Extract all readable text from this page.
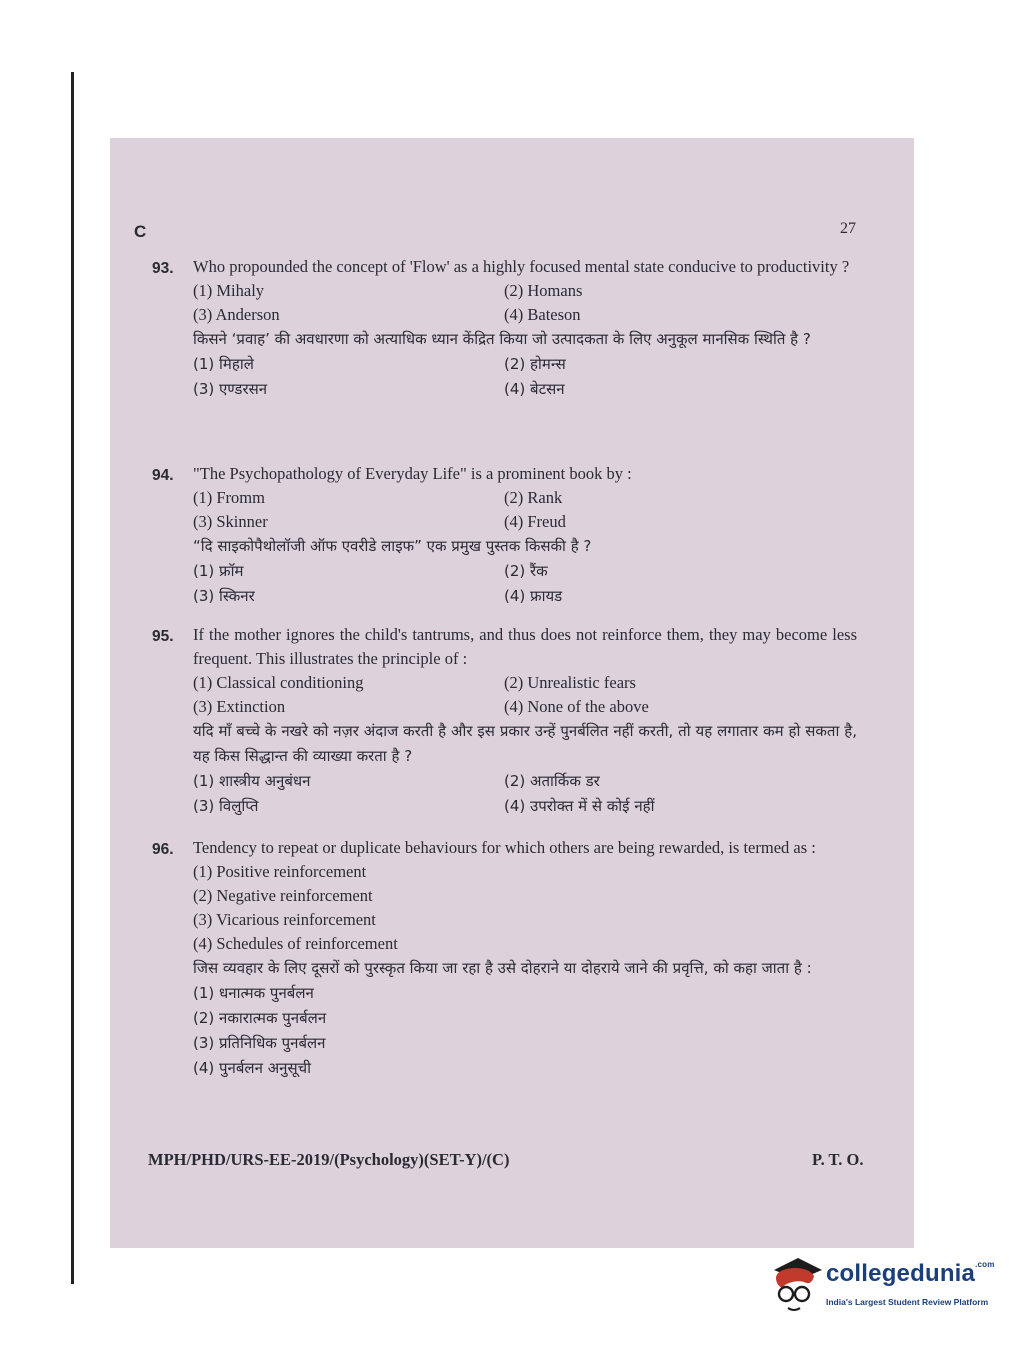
C	27
93. Who propounded the concept of 'Flow' as a highly focused mental state conducive to productivity ?
(1) Mihaly	(2) Homans
(3) Anderson	(4) Bateson
किसने ‘प्रवाह’ की अवधारणा को अत्याधिक ध्यान केंद्रित किया जो उत्पादकता के लिए अनुकूल मानसिक स्थिति है ?
(1) मिहाले	(2) होमन्स
(3) एण्डरसन	(4) बेटसन
94. "The Psychopathology of Everyday Life" is a prominent book by :
(1) Fromm	(2) Rank
(3) Skinner	(4) Freud
“दि साइकोपैथोलॉजी ऑफ एवरीडे लाइफ” एक प्रमुख पुस्तक किसकी है ?
(1) फ्रॉम	(2) रैंक
(3) स्किनर	(4) फ्रायड
95. If the mother ignores the child's tantrums, and thus does not reinforce them, they may become less frequent. This illustrates the principle of :
(1) Classical conditioning	(2) Unrealistic fears
(3) Extinction	(4) None of the above
यदि माँ बच्चे के नखरे को नज़र अंदाज करती है और इस प्रकार उन्हें पुनर्बलित नहीं करती, तो यह लगातार कम हो सकता है, यह किस सिद्धान्त की व्याख्या करता है ?
(1) शास्त्रीय अनुबंधन	(2) अतार्किक डर
(3) विलुप्ति	(4) उपरोक्त में से कोई नहीं
96. Tendency to repeat or duplicate behaviours for which others are being rewarded, is termed as :
(1) Positive reinforcement
(2) Negative reinforcement
(3) Vicarious reinforcement
(4) Schedules of reinforcement
जिस व्यवहार के लिए दूसरों को पुरस्कृत किया जा रहा है उसे दोहराने या दोहराये जाने की प्रवृत्ति, को कहा जाता है :
(1) धनात्मक पुनर्बलन
(2) नकारात्मक पुनर्बलन
(3) प्रतिनिधिक पुनर्बलन
(4) पुनर्बलन अनुसूची
MPH/PHD/URS-EE-2019/(Psychology)(SET-Y)/(C)	P. T. O.
collegedunia$^{.com}$
India's Largest Student Review Platform
